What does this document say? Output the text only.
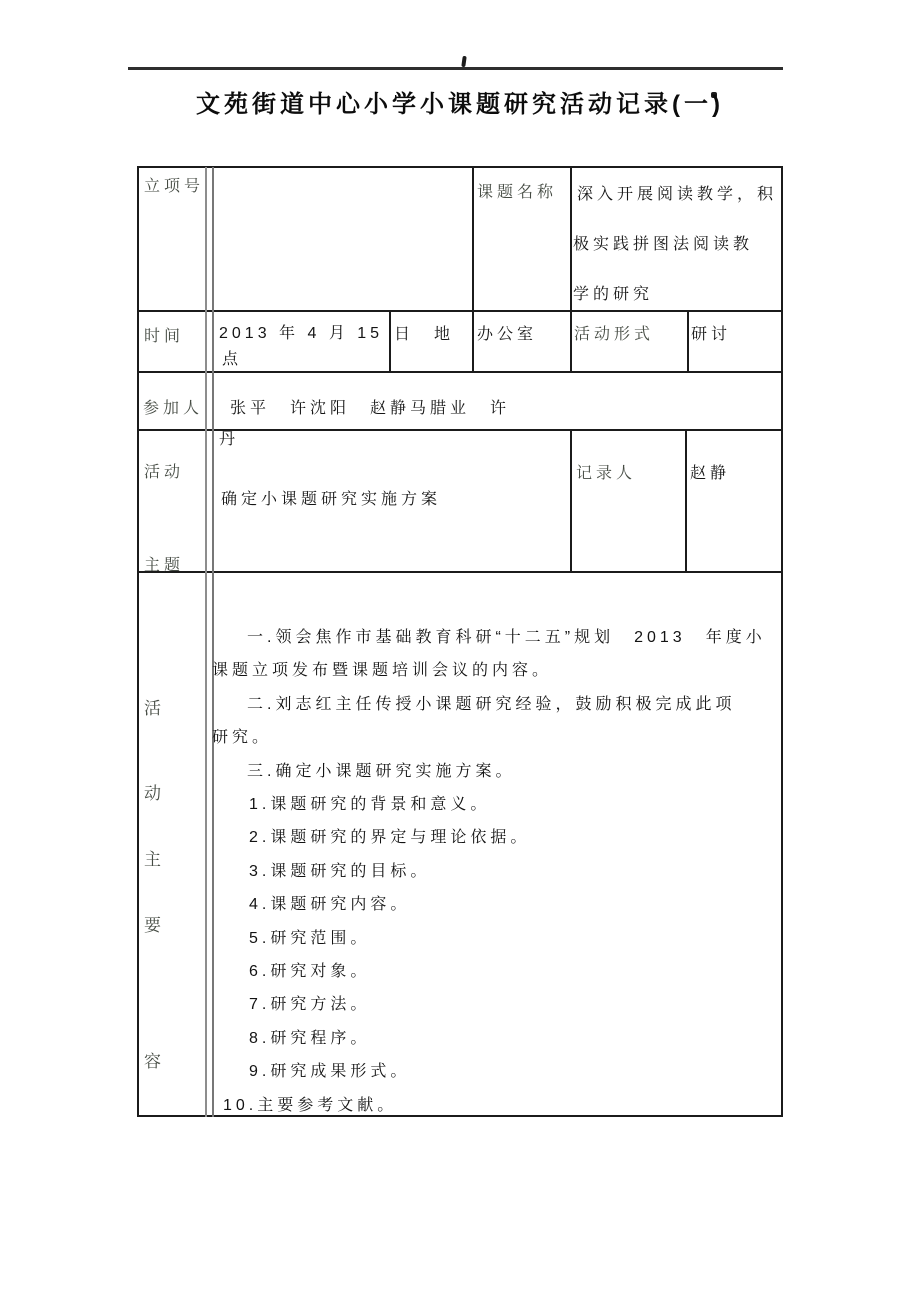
文苑街道中心小学小课题研究活动记录(一)
立项号	课题名称 深入开展阅读教学，积
极实践拼图法阅读教
学的研究
时间 2013 年 4 月 15
点
日　地 办公室 活动形式 研讨
参加人 张平　许沈阳　赵静马腊业　许
丹
活动
主题
确定小课题研究实施方案
记录人	赵静
活
动
主
要
容
一.领会焦作市基础教育科研“十二五”规划　2013　年度小
课题立项发布暨课题培训会议的内容。
二.刘志红主任传授小课题研究经验，鼓励积极完成此项
研究。
三.确定小课题研究实施方案。
1.课题研究的背景和意义。
2.课题研究的界定与理论依据。
3.课题研究的目标。
4.课题研究内容。
5.研究范围。
6.研究对象。
7.研究方法。
8.研究程序。
9.研究成果形式。
10.主要参考文献。
